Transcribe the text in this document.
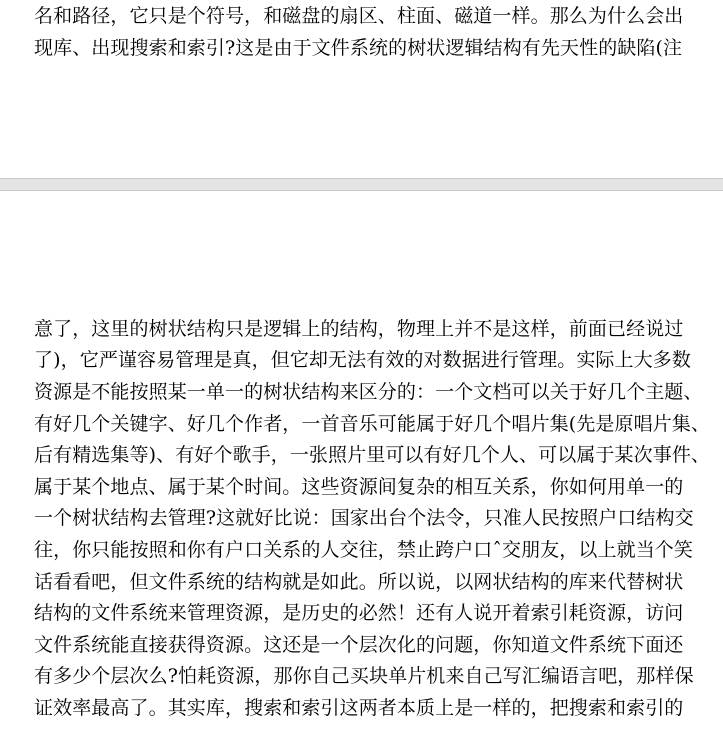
名和路径，它只是个符号，和磁盘的扇区、柱面、磁道一样。那么为什么会出
现库、出现搜索和索引?这是由于文件系统的树状逻辑结构有先天性的缺陷(注
意了，这里的树状结构只是逻辑上的结构，物理上并不是这样，前面已经说过
了)，它严谨容易管理是真，但它却无法有效的对数据进行管理。实际上大多数
资源是不能按照某一单一的树状结构来区分的：一个文档可以关于好几个主题、
有好几个关键字、好几个作者，一首音乐可能属于好几个唱片集(先是原唱片集、
后有精选集等)、有好个歌手，一张照片里可以有好几个人、可以属于某次事件、
属于某个地点、属于某个时间。这些资源间复杂的相互关系，你如何用单一的
一个树状结构去管理?这就好比说：国家出台个法令，只准人民按照户口结构交
往，你只能按照和你有户口关系的人交往，禁止跨户口ˆ交朋友，以上就当个笑
话看看吧，但文件系统的结构就是如此。所以说，以网状结构的库来代替树状
结构的文件系统来管理资源，是历史的必然！还有人说开着索引耗资源，访问
文件系统能直接获得资源。这还是一个层次化的问题，你知道文件系统下面还
有多少个层次么?怕耗资源，那你自己买块单片机来自己写汇编语言吧，那样保
证效率最高了。其实库，搜索和索引这两者本质上是一样的，把搜索和索引的
